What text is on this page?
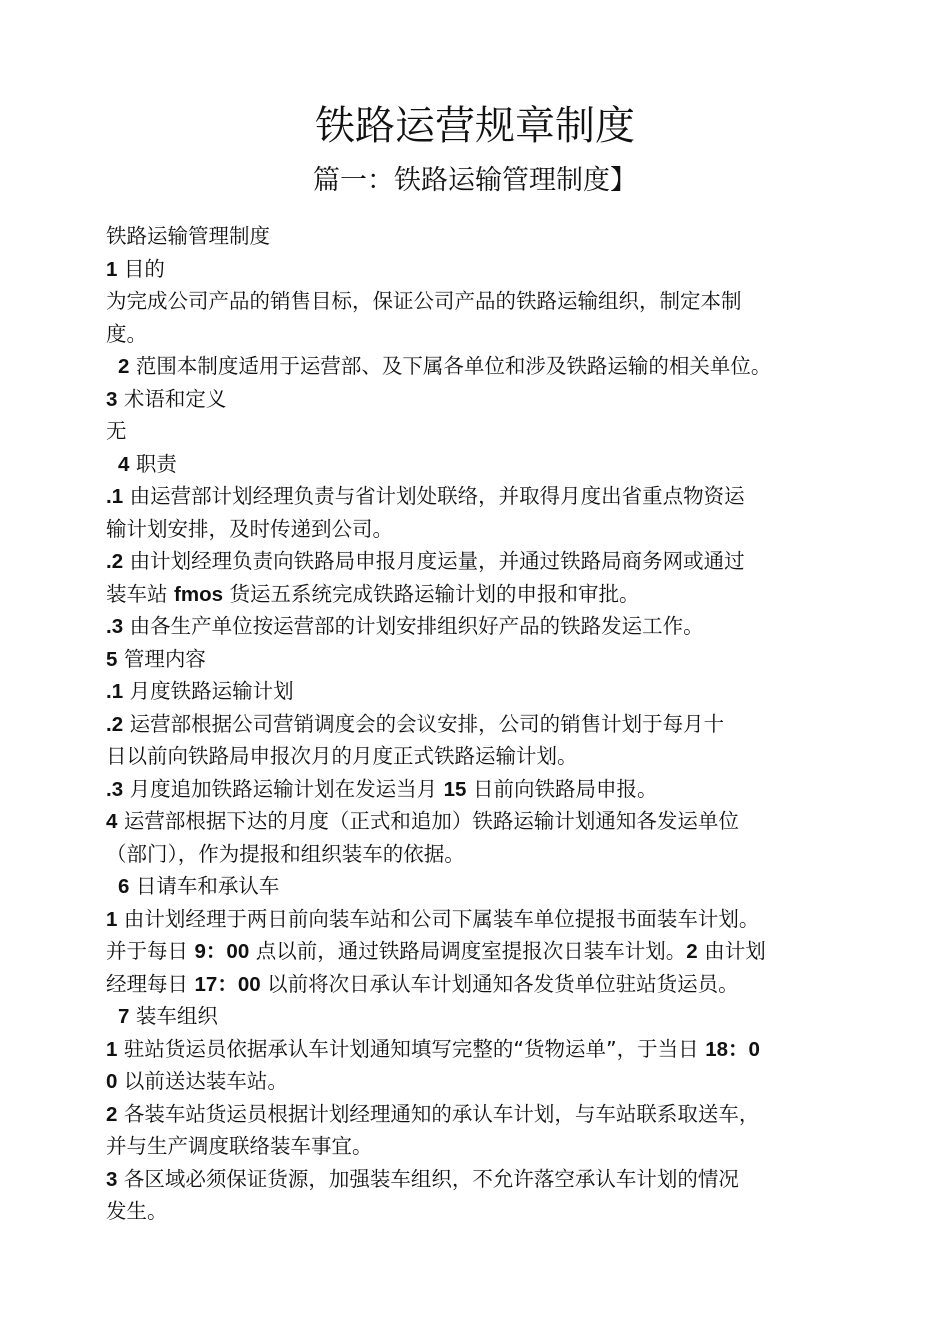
铁路运营规章制度
篇一：铁路运输管理制度】
铁路运输管理制度
1 目的
为完成公司产品的销售目标，保证公司产品的铁路运输组织，制定本制
度。
2 范围本制度适用于运营部、及下属各单位和涉及铁路运输的相关单位。
3 术语和定义
无
4 职责
.1 由运营部计划经理负责与省计划处联络，并取得月度出省重点物资运
输计划安排，及时传递到公司。
.2 由计划经理负责向铁路局申报月度运量，并通过铁路局商务网或通过
装车站 fmos 货运五系统完成铁路运输计划的申报和审批。
.3 由各生产单位按运营部的计划安排组织好产品的铁路发运工作。
5 管理内容
.1 月度铁路运输计划
.2 运营部根据公司营销调度会的会议安排，公司的销售计划于每月十
日以前向铁路局申报次月的月度正式铁路运输计划。
.3 月度追加铁路运输计划在发运当月 15 日前向铁路局申报。
4 运营部根据下达的月度（正式和追加）铁路运输计划通知各发运单位
（部门），作为提报和组织装车的依据。
6 日请车和承认车
1 由计划经理于两日前向装车站和公司下属装车单位提报书面装车计划。
并于每日 9：00 点以前，通过铁路局调度室提报次日装车计划。2 由计划
经理每日 17：00 以前将次日承认车计划通知各发货单位驻站货运员。
7 装车组织
1 驻站货运员依据承认车计划通知填写完整的“货物运单”，于当日 18：0
0 以前送达装车站。
2 各装车站货运员根据计划经理通知的承认车计划，与车站联系取送车，
并与生产调度联络装车事宜。
3 各区域必须保证货源，加强装车组织，不允许落空承认车计划的情况
发生。
